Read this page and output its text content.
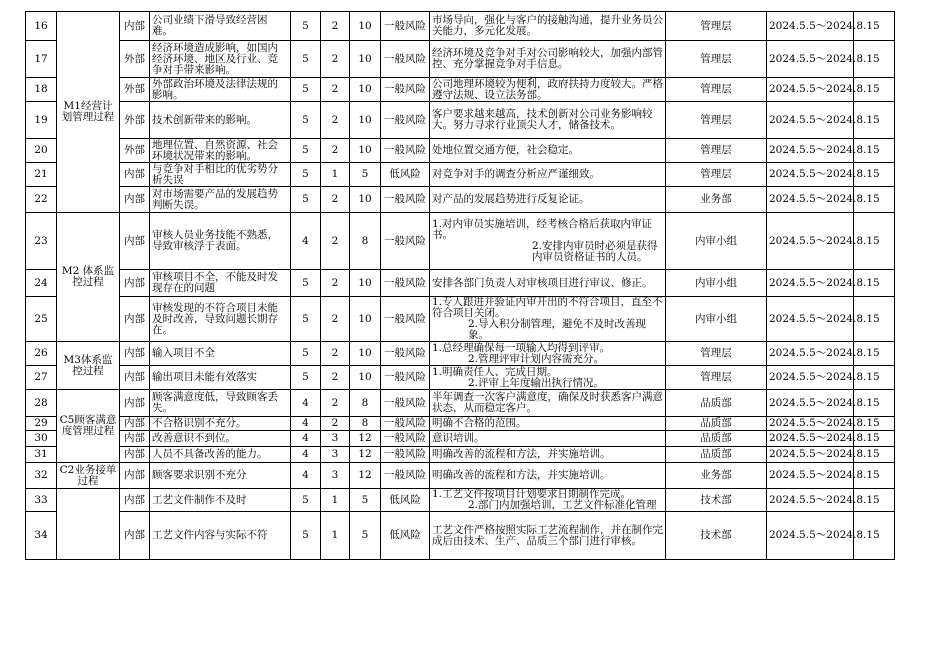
16	M1经营计划管理过程	内部	公司业绩下滑导致经营困难。	5	2	10	一般风险	市场导向，强化与客户的接触沟通，提升业务员公关能力，多元化发展。	管理层	2024.5.5～2024.8.15	
17		外部	经济环境造成影响，如国内经济环境、地区及行业、竞争对手带来影响。	5	2	10	一般风险	经济环境及竞争对手对公司影响较大，加强内部管控、充分掌握竞争对手信息。	管理层	2024.5.5～2024.8.15	
18		外部	外部政治环境及法律法规的影响。	5	2	10	一般风险	公司地理环境较为便利，政府扶持力度较大。严格遵守法规、设立法务部。	管理层	2024.5.5～2024.8.15	
19		外部	技术创新带来的影响。	5	2	10	一般风险	客户要求越来越高，技术创新对公司业务影响较大。努力寻求行业顶尖人才，储备技术。	管理层	2024.5.5～2024.8.15	
20		外部	地理位置、自然资源、社会环境状况带来的影响。	5	2	10	一般风险	处地位置交通方便，社会稳定。	管理层	2024.5.5～2024.8.15	
21		内部	与竞争对手相比的优劣势分析失误	5	1	5	低风险	对竞争对手的调查分析应严谨细致。	管理层	2024.5.5～2024.8.15	
22		内部	对市场需要产品的发展趋势判断失误。	5	2	10	一般风险	对产品的发展趋势进行反复论证。	业务部	2024.5.5～2024.8.15	
23	M2 体系监控过程	内部	审核人员业务技能不熟悉，导致审核浮于表面。	4	2	8	一般风险	1.对内审员实施培训，经考核合格后获取内审证书。
2.安排内审员时必须是获得内审员资格证书的人员。	内审小组	2024.5.5～2024.8.15	
24		内部	审核项目不全，不能及时发现存在的问题	5	2	10	一般风险	安排各部门负责人对审核项目进行审议、修正。	内审小组	2024.5.5～2024.8.15	
25		内部	审核发现的不符合项目未能及时改善，导致问题长期存在。	5	2	10	一般风险	1.专人跟进并验证内审开出的不符合项目，直至不符合项目关闭。
2.导入积分制管理，避免不及时改善现象。	内审小组	2024.5.5～2024.8.15	
26	M3体系监控过程	内部	输入项目不全	5	2	10	一般风险	1.总经理确保每一项输入均得到评审。
2.管理评审计划内容需充分。	管理层	2024.5.5～2024.8.15	
27		内部	输出项目未能有效落实	5	2	10	一般风险	1.明确责任人、完成日期。
2.评审上年度输出执行情况。	管理层	2024.5.5～2024.8.15	
28	C5顾客满意度管理过程	内部	顾客满意度低，导致顾客丢失。	4	2	8	一般风险	半年调查一次客户满意度，确保及时获悉客户满意状态，从而稳定客户。	品质部	2024.5.5～2024.8.15	
29		内部	不合格识别不充分。	4	2	8	一般风险	明确不合格的范围。	品质部	2024.5.5～2024.8.15	
30		内部	改善意识不到位。	4	3	12	一般风险	意识培训。	品质部	2024.5.5～2024.8.15	
31		内部	人员不具备改善的能力。	4	3	12	一般风险	明确改善的流程和方法，并实施培训。	品质部	2024.5.5～2024.8.15	
32	C2业务接单过程	内部	顾客要求识别不充分	4	3	12	一般风险	明确改善的流程和方法，并实施培训。	业务部	2024.5.5～2024.8.15	
33		内部	工艺文件制作不及时	5	1	5	低风险	1.工艺文件按项目计划要求日期制作完成。
2.部门内加强培训，工艺文件标准化管理	技术部	2024.5.5～2024.8.15	
34		内部	工艺文件内容与实际不符	5	1	5	低风险	工艺文件严格按照实际工艺流程制作，并在制作完成后由技术、生产、品质三个部门进行审核。	技术部	2024.5.5～2024.8.15	
